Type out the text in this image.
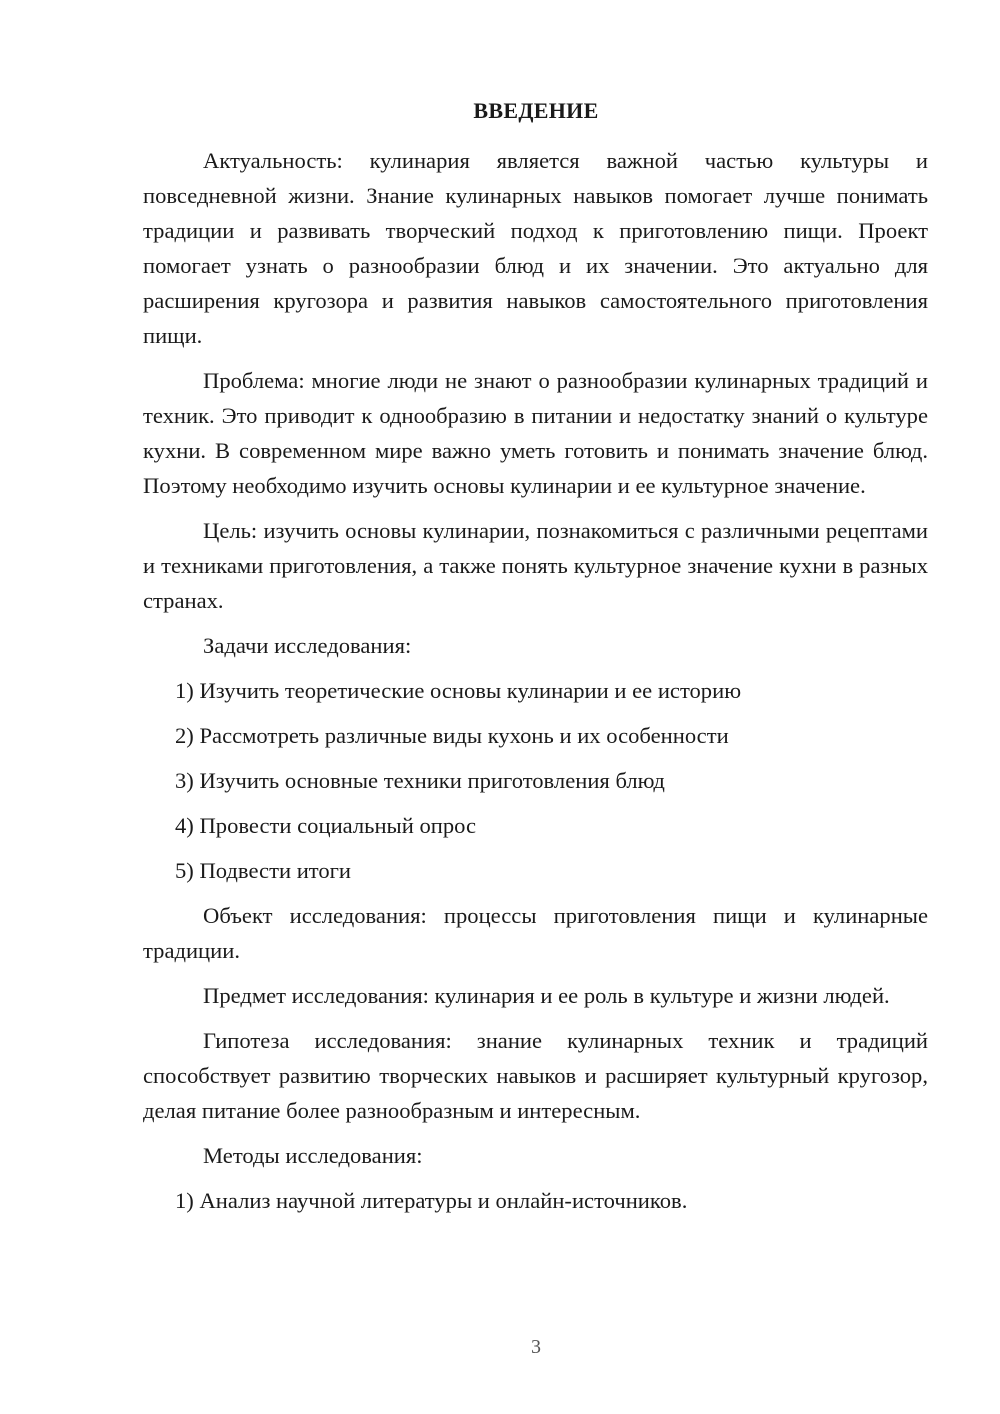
ВВЕДЕНИЕ

Актуальность: кулинария является важной частью культуры и повседневной жизни. Знание кулинарных навыков помогает лучше понимать традиции и развивать творческий подход к приготовлению пищи. Проект помогает узнать о разнообразии блюд и их значении. Это актуально для расширения кругозора и развития навыков самостоятельного приготовления пищи.

Проблема: многие люди не знают о разнообразии кулинарных традиций и техник. Это приводит к однообразию в питании и недостатку знаний о культуре кухни. В современном мире важно уметь готовить и понимать значение блюд. Поэтому необходимо изучить основы кулинарии и ее культурное значение.

Цель: изучить основы кулинарии, познакомиться с различными рецептами и техниками приготовления, а также понять культурное значение кухни в разных странах.

Задачи исследования:

1) Изучить теоретические основы кулинарии и ее историю

2) Рассмотреть различные виды кухонь и их особенности

3) Изучить основные техники приготовления блюд

4) Провести социальный опрос

5) Подвести итоги

Объект исследования: процессы приготовления пищи и кулинарные традиции.

Предмет исследования: кулинария и ее роль в культуре и жизни людей.

Гипотеза исследования: знание кулинарных техник и традиций способствует развитию творческих навыков и расширяет культурный кругозор, делая питание более разнообразным и интересным.

Методы исследования:

1) Анализ научной литературы и онлайн-источников.

3
